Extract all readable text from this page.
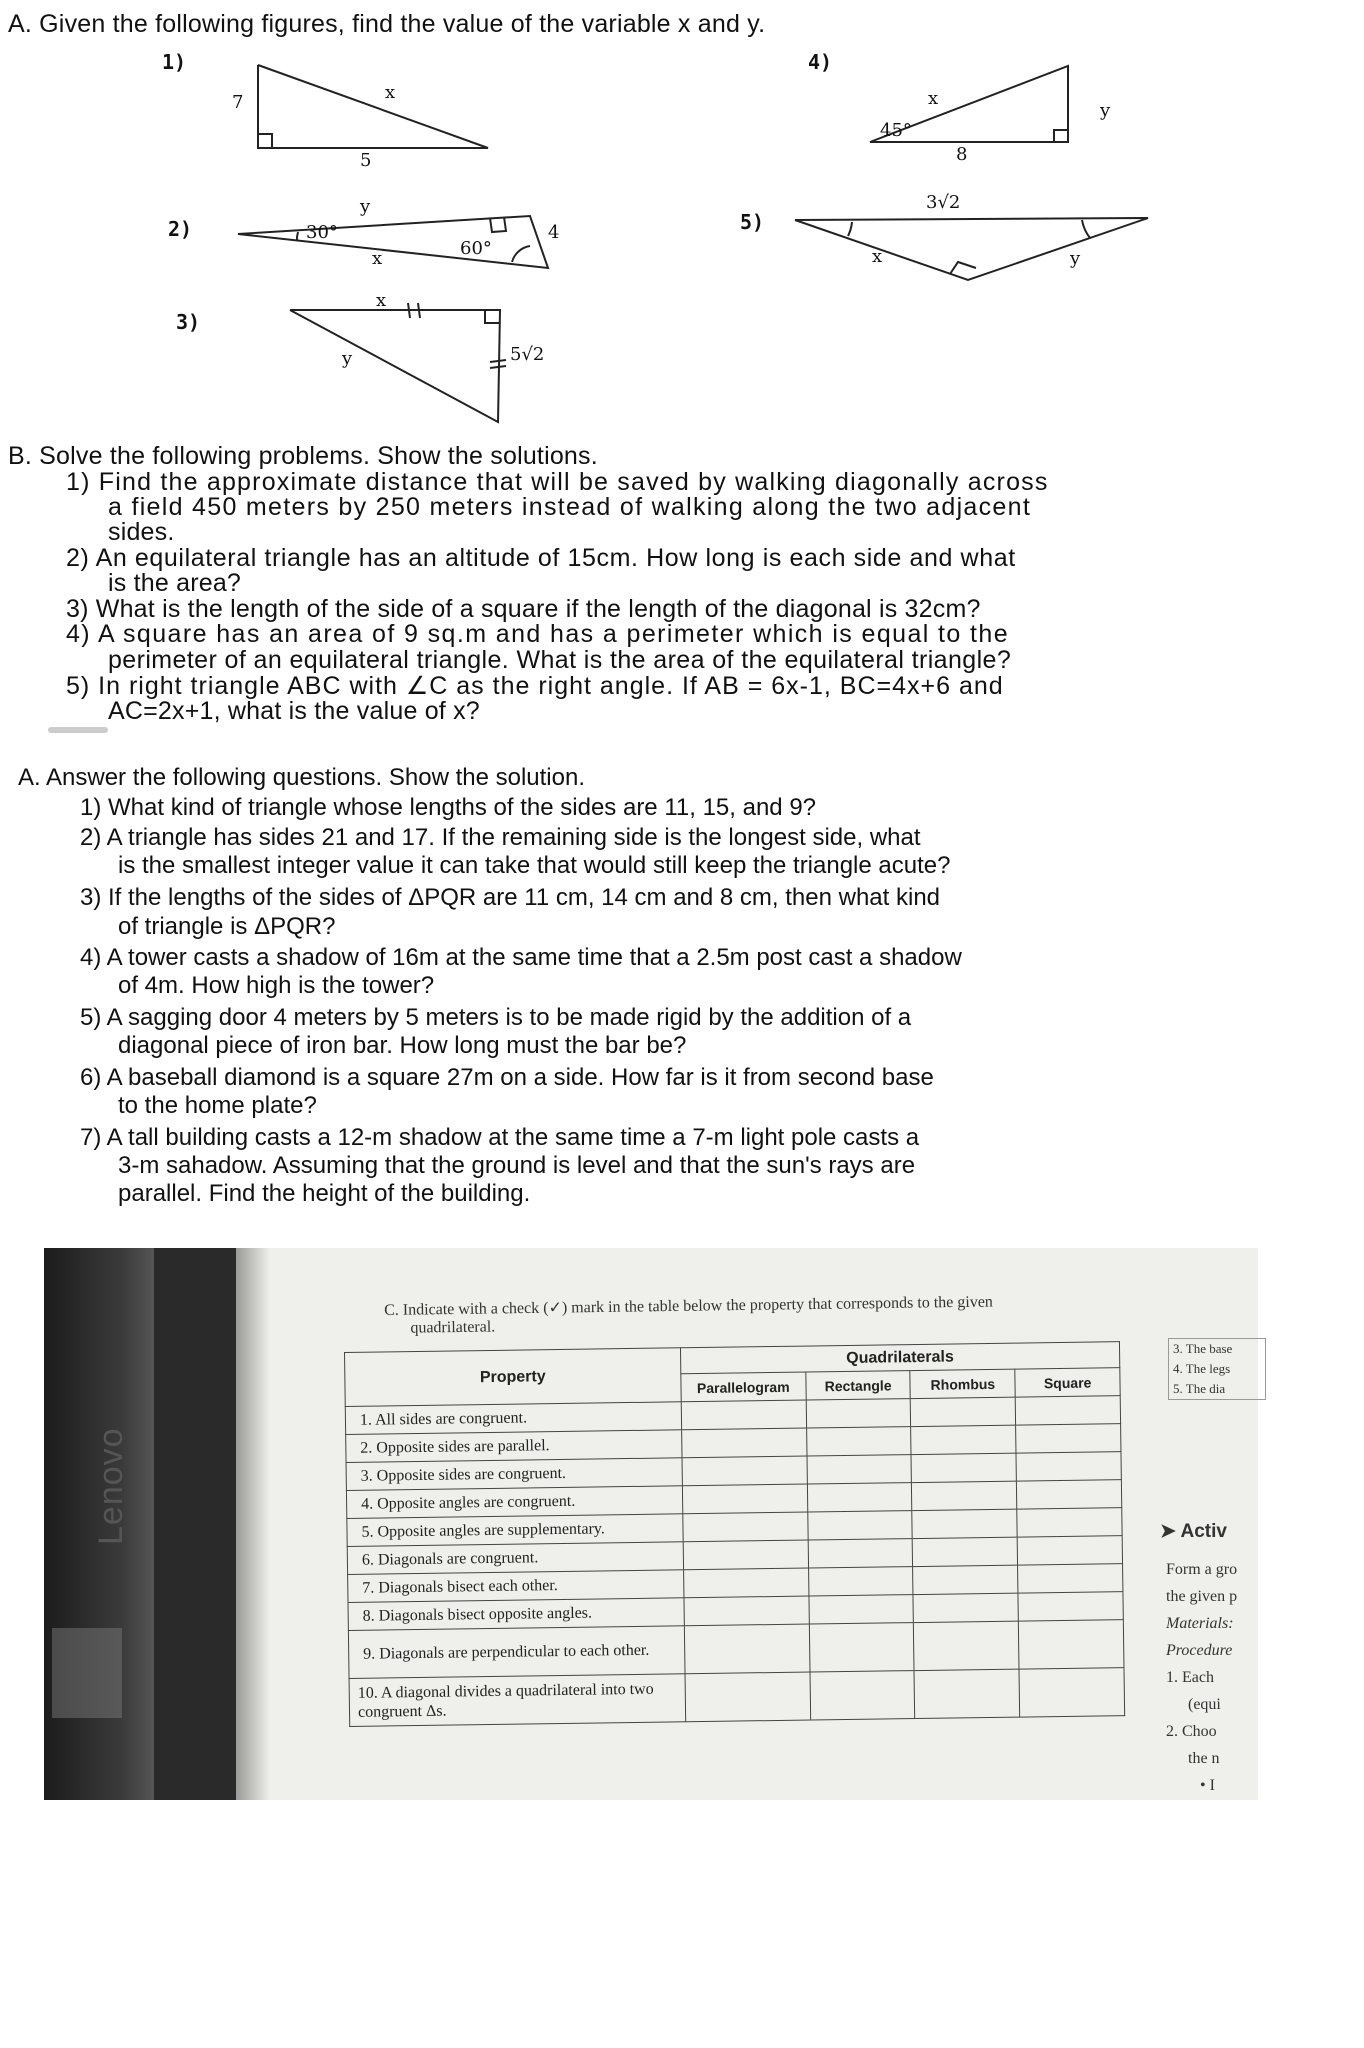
A. Given the following figures, find the value of the variable x and y.
1)
2)
3)
4)
5)
7
5
x
30°
60°
y
x
4
x
y	5√2
45°
x
8
y
3√2
x	y
B. Solve the following problems. Show the solutions.
1) Find the approximate distance that will be saved by walking diagonally across
a field 450 meters by 250 meters instead of walking along the two adjacent
sides.
2) An equilateral triangle has an altitude of 15cm. How long is each side and what
is the area?
3) What is the length of the side of a square if the length of the diagonal is 32cm?
4) A square has an area of 9 sq.m and has a perimeter which is equal to the
perimeter of an equilateral triangle. What is the area of the equilateral triangle?
5) In right triangle ABC with ∠C as the right angle. If AB = 6x-1, BC=4x+6 and
AC=2x+1, what is the value of x?
A. Answer the following questions. Show the solution.
1) What kind of triangle whose lengths of the sides are 11, 15, and 9?
2) A triangle has sides 21 and 17. If the remaining side is the longest side, what
is the smallest integer value it can take that would still keep the triangle acute?
3) If the lengths of the sides of ΔPQR are 11 cm, 14 cm and 8 cm, then what kind
of triangle is ΔPQR?
4) A tower casts a shadow of 16m at the same time that a 2.5m post cast a shadow
of 4m. How high is the tower?
5) A sagging door 4 meters by 5 meters is to be made rigid by the addition of a
diagonal piece of iron bar. How long must the bar be?
6) A baseball diamond is a square 27m on a side. How far is it from second base
to the home plate?
7) A tall building casts a 12-m shadow at the same time a 7-m light pole casts a
3-m sahadow. Assuming that the ground is level and that the sun's rays are
parallel. Find the height of the building.
Lenovo
C. Indicate with a check (✓) mark in the table below the property that corresponds to the given
quadrilateral.
Property	Quadrilaterals			
	Parallelogram	Rectangle	Rhombus	Square
1. All sides are congruent.				
2. Opposite sides are parallel.				
3. Opposite sides are congruent.				
4. Opposite angles are congruent.				
5. Opposite angles are supplementary.				
6. Diagonals are congruent.				
7. Diagonals bisect each other.				
8. Diagonals bisect opposite angles.				
9. Diagonals are perpendicular to each other.				
10. A diagonal divides a quadrilateral into two congruent Δs.				
3. The base
4. The legs
5. The dia
➤ Activ
Form a gro
the given p
Materials:
Procedure
1. Each
(equi
2. Choo
the n
• I
